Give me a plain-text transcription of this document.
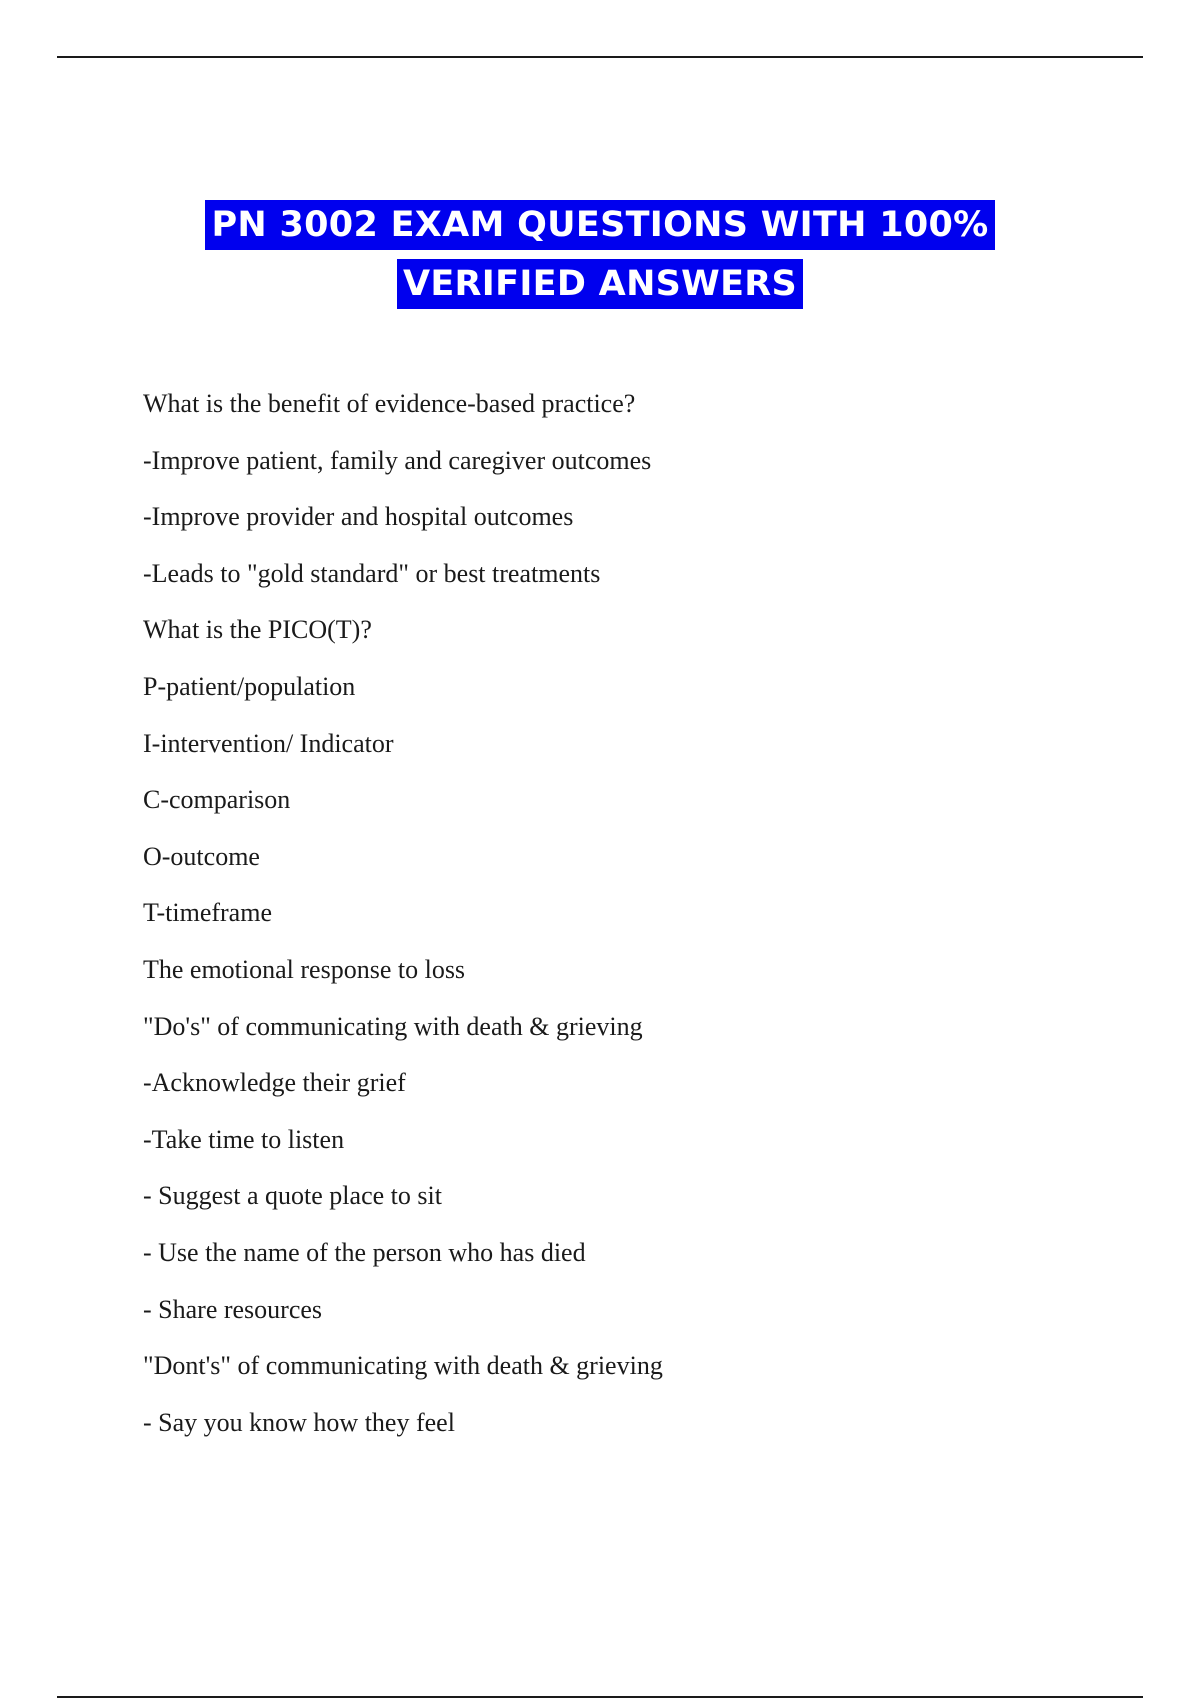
PN 3002 EXAM QUESTIONS WITH 100%
VERIFIED ANSWERS

What is the benefit of evidence-based practice?

-Improve patient, family and caregiver outcomes

-Improve provider and hospital outcomes

-Leads to "gold standard" or best treatments

What is the PICO(T)?

P-patient/population

I-intervention/ Indicator

C-comparison

O-outcome

T-timeframe

The emotional response to loss

"Do's" of communicating with death & grieving

-Acknowledge their grief

-Take time to listen

- Suggest a quote place to sit

- Use the name of the person who has died

- Share resources

"Dont's" of communicating with death & grieving

- Say you know how they feel
